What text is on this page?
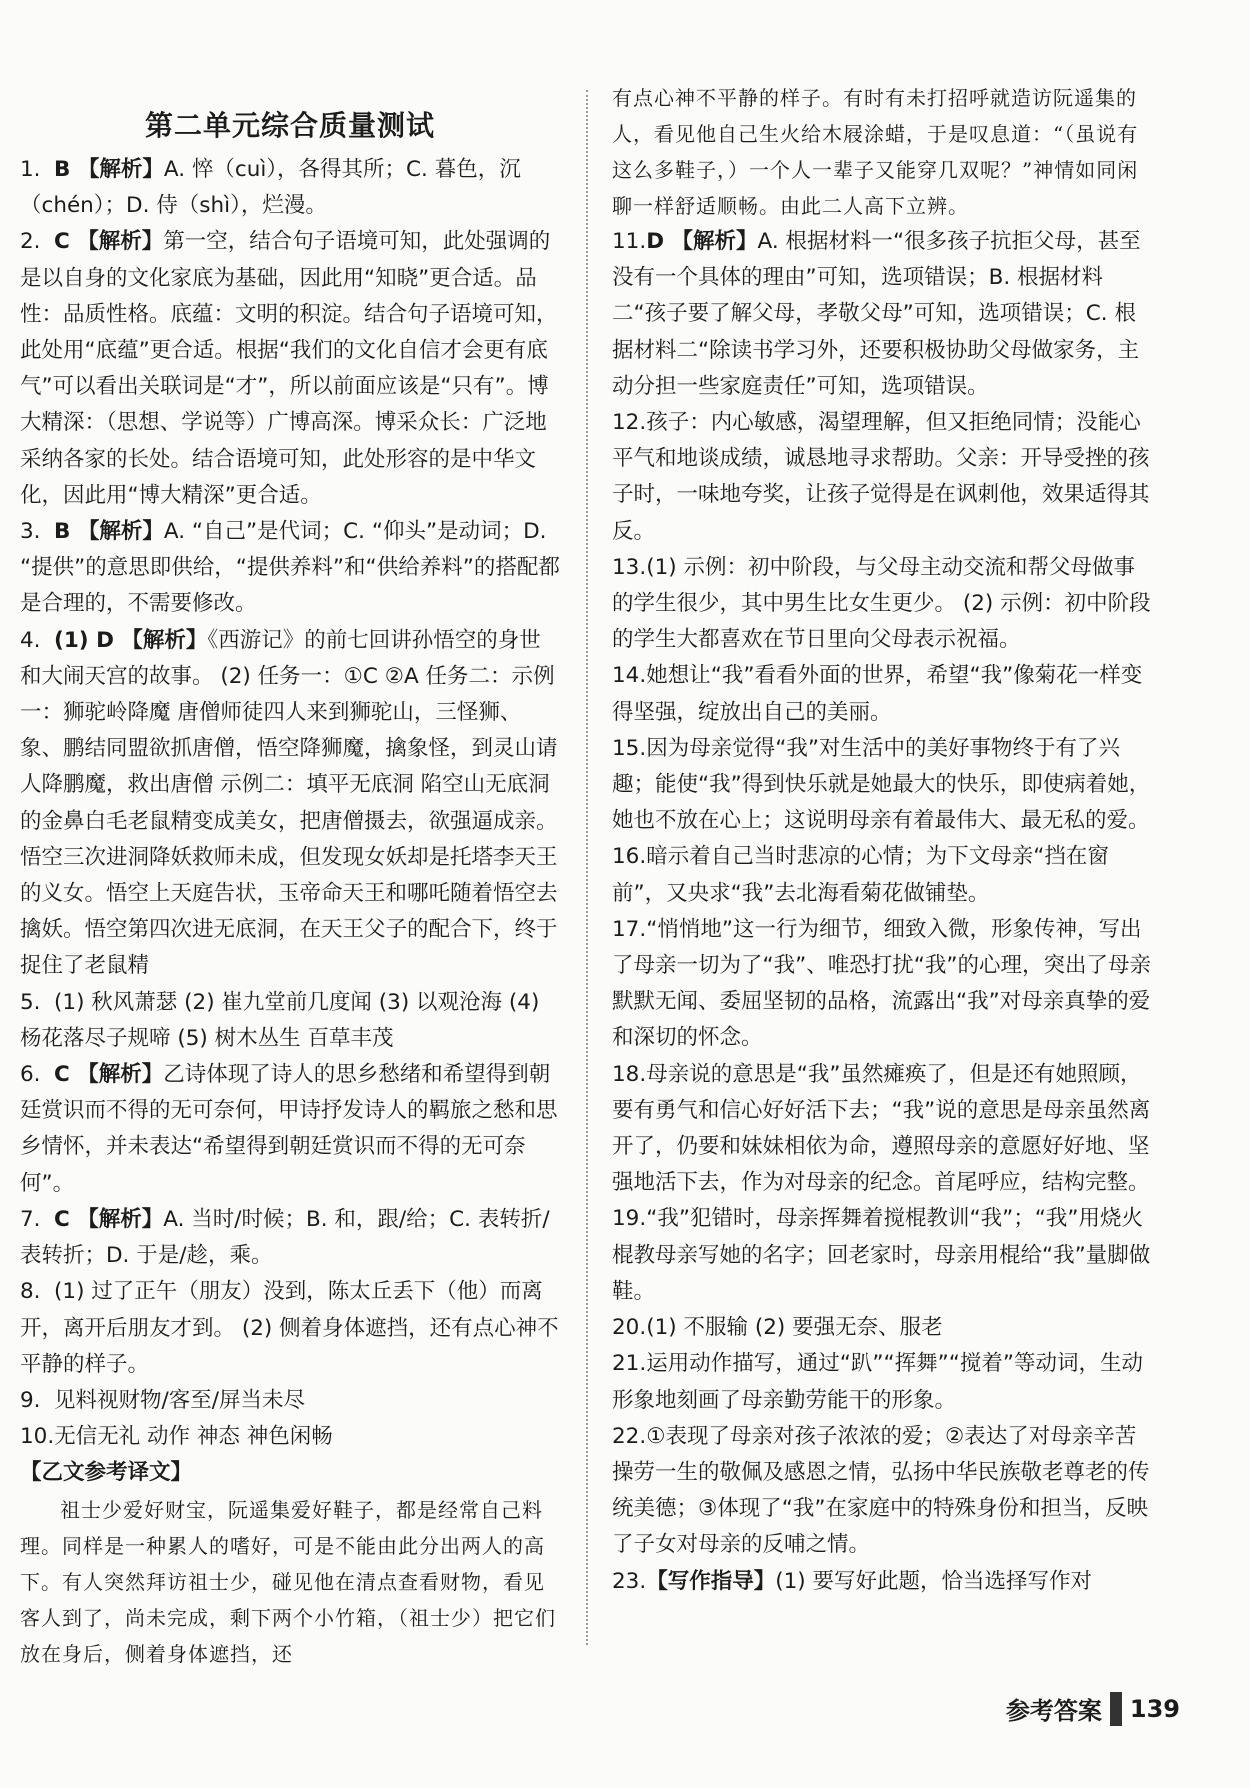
第二单元综合质量测试
1. B 【解析】A. 悴（cuì），各得其所；C. 暮色，沉（chén）；D. 侍（shì），烂漫。
2. C 【解析】第一空，结合句子语境可知，此处强调的是以自身的文化家底为基础，因此用“知晓”更合适。品性：品质性格。底蕴：文明的积淀。结合句子语境可知，此处用“底蕴”更合适。根据“我们的文化自信才会更有底气”可以看出关联词是“才”，所以前面应该是“只有”。博大精深：（思想、学说等）广博高深。博采众长：广泛地采纳各家的长处。结合语境可知，此处形容的是中华文化，因此用“博大精深”更合适。
3. B 【解析】A. “自己”是代词；C. “仰头”是动词；D. “提供”的意思即供给，“提供养料”和“供给养料”的搭配都是合理的，不需要修改。
4. (1) D 【解析】《西游记》的前七回讲孙悟空的身世和大闹天宫的故事。 (2) 任务一：①C ②A 任务二：示例一：狮驼岭降魔 唐僧师徒四人来到狮驼山，三怪狮、象、鹏结同盟欲抓唐僧，悟空降狮魔，擒象怪，到灵山请人降鹏魔，救出唐僧 示例二：填平无底洞 陷空山无底洞的金鼻白毛老鼠精变成美女，把唐僧摄去，欲强逼成亲。悟空三次进洞降妖救师未成，但发现女妖却是托塔李天王的义女。悟空上天庭告状，玉帝命天王和哪吒随着悟空去擒妖。悟空第四次进无底洞，在天王父子的配合下，终于捉住了老鼠精
5. (1) 秋风萧瑟 (2) 崔九堂前几度闻 (3) 以观沧海 (4) 杨花落尽子规啼 (5) 树木丛生 百草丰茂
6. C 【解析】乙诗体现了诗人的思乡愁绪和希望得到朝廷赏识而不得的无可奈何，甲诗抒发诗人的羁旅之愁和思乡情怀，并未表达“希望得到朝廷赏识而不得的无可奈何”。
7. C 【解析】A. 当时/时候；B. 和，跟/给；C. 表转折/表转折；D. 于是/趁，乘。
8. (1) 过了正午（朋友）没到，陈太丘丢下（他）而离开，离开后朋友才到。 (2) 侧着身体遮挡，还有点心神不平静的样子。
9. 见料视财物/客至/屏当未尽
10.无信无礼 动作 神态 神色闲畅
【乙文参考译文】

祖士少爱好财宝，阮遥集爱好鞋子，都是经常自己料理。同样是一种累人的嗜好，可是不能由此分出两人的高下。有人突然拜访祖士少，碰见他在清点查看财物，看见客人到了，尚未完成，剩下两个小竹箱，（祖士少）把它们放在身后，侧着身体遮挡，还

有点心神不平静的样子。有时有未打招呼就造访阮遥集的人，看见他自己生火给木屐涂蜡，于是叹息道：“（虽说有这么多鞋子，）一个人一辈子又能穿几双呢？”神情如同闲聊一样舒适顺畅。由此二人高下立辨。

11.D 【解析】A. 根据材料一“很多孩子抗拒父母，甚至没有一个具体的理由”可知，选项错误；B. 根据材料二“孩子要了解父母，孝敬父母”可知，选项错误；C. 根据材料二“除读书学习外，还要积极协助父母做家务，主动分担一些家庭责任”可知，选项错误。
12.孩子：内心敏感，渴望理解，但又拒绝同情；没能心平气和地谈成绩，诚恳地寻求帮助。父亲：开导受挫的孩子时，一味地夸奖，让孩子觉得是在讽刺他，效果适得其反。
13.(1) 示例：初中阶段，与父母主动交流和帮父母做事的学生很少，其中男生比女生更少。 (2) 示例：初中阶段的学生大都喜欢在节日里向父母表示祝福。
14.她想让“我”看看外面的世界，希望“我”像菊花一样变得坚强，绽放出自己的美丽。
15.因为母亲觉得“我”对生活中的美好事物终于有了兴趣；能使“我”得到快乐就是她最大的快乐，即使病着她，她也不放在心上；这说明母亲有着最伟大、最无私的爱。
16.暗示着自己当时悲凉的心情；为下文母亲“挡在窗前”，又央求“我”去北海看菊花做铺垫。
17.“悄悄地”这一行为细节，细致入微，形象传神，写出了母亲一切为了“我”、唯恐打扰“我”的心理，突出了母亲默默无闻、委屈坚韧的品格，流露出“我”对母亲真挚的爱和深切的怀念。
18.母亲说的意思是“我”虽然瘫痪了，但是还有她照顾，要有勇气和信心好好活下去；“我”说的意思是母亲虽然离开了，仍要和妹妹相依为命，遵照母亲的意愿好好地、坚强地活下去，作为对母亲的纪念。首尾呼应，结构完整。
19.“我”犯错时，母亲挥舞着搅棍教训“我”；“我”用烧火棍教母亲写她的名字；回老家时，母亲用棍给“我”量脚做鞋。
20.(1) 不服输 (2) 要强无奈、服老
21.运用动作描写，通过“趴”“挥舞”“搅着”等动词，生动形象地刻画了母亲勤劳能干的形象。
22.①表现了母亲对孩子浓浓的爱；②表达了对母亲辛苦操劳一生的敬佩及感恩之情，弘扬中华民族敬老尊老的传统美德；③体现了“我”在家庭中的特殊身份和担当，反映了子女对母亲的反哺之情。
23.【写作指导】(1) 要写好此题，恰当选择写作对
参考答案 139
